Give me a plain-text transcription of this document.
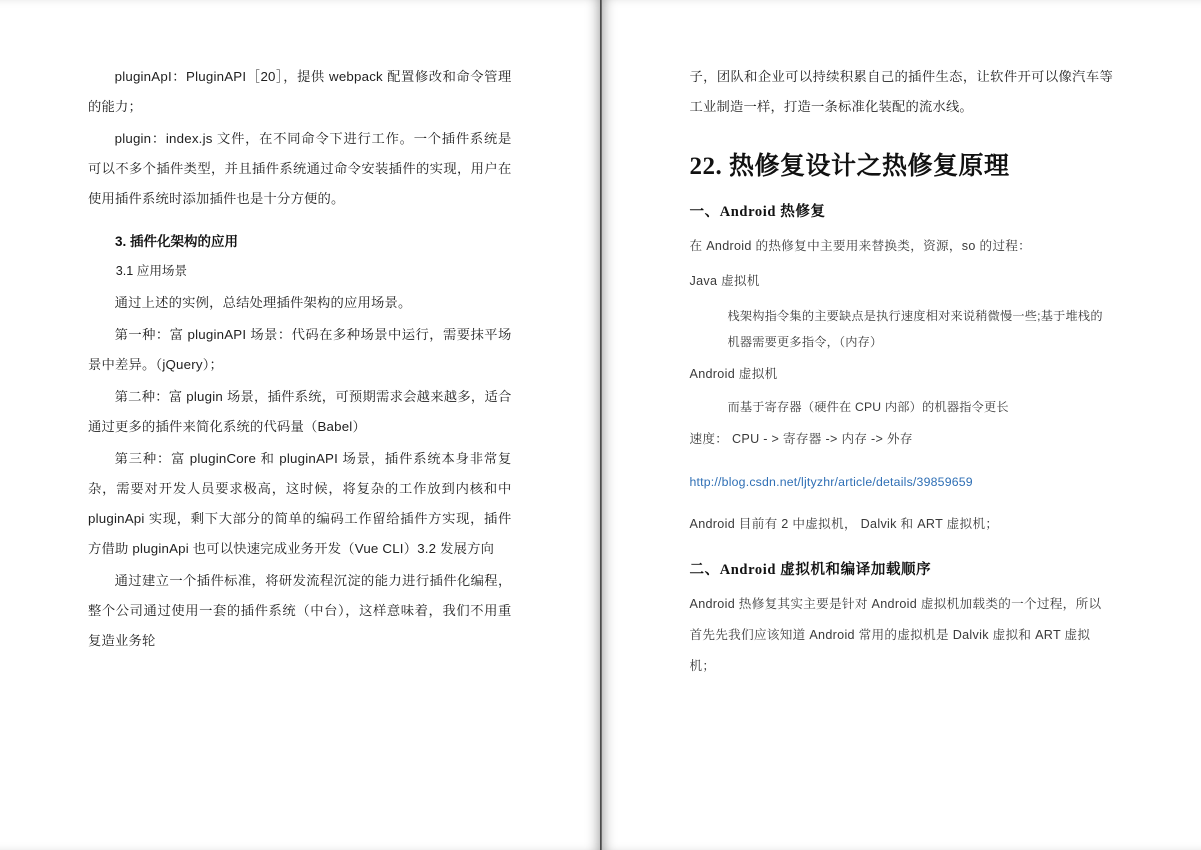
pluginApI：PluginAPI［20］，提供 webpack 配置修改和命令管理的能力；

plugin：index.js 文件，在不同命令下进行工作。一个插件系统是可以不多个插件类型，并且插件系统通过命令安装插件的实现，用户在使用插件系统时添加插件也是十分方便的。

3. 插件化架构的应用

3.1 应用场景

通过上述的实例，总结处理插件架构的应用场景。

第一种：富 pluginAPI 场景：代码在多种场景中运行，需要抹平场景中差异。（jQuery）；

第二种：富 plugin 场景，插件系统，可预期需求会越来越多，适合通过更多的插件来简化系统的代码量（Babel）

第三种：富 pluginCore 和 pluginAPI 场景，插件系统本身非常复杂，需要对开发人员要求极高，这时候，将复杂的工作放到内核和中 pluginApi 实现，剩下大部分的简单的编码工作留给插件方实现，插件方借助 pluginApi 也可以快速完成业务开发（Vue CLI）3.2 发展方向

通过建立一个插件标准，将研发流程沉淀的能力进行插件化编程，整个公司通过使用一套的插件系统（中台），这样意味着，我们不用重复造业务轮

子，团队和企业可以持续积累自己的插件生态，让软件开可以像汽车等工业制造一样，打造一条标准化装配的流水线。

22. 热修复设计之热修复原理
一、Android 热修复

在 Android 的热修复中主要用来替换类，资源，so 的过程：

Java 虚拟机

栈架构指令集的主要缺点是执行速度相对来说稍微慢一些;基于堆栈的机器需要更多指令，（内存）

Android 虚拟机

而基于寄存器（硬件在 CPU 内部）的机器指令更长

速度： CPU - > 寄存器 -> 内存 -> 外存

http://blog.csdn.net/ljtyzhr/article/details/39859659

Android 目前有 2 中虚拟机， Dalvik 和 ART 虚拟机；

二、Android 虚拟机和编译加载顺序

Android 热修复其实主要是针对 Android 虚拟机加载类的一个过程，所以首先先我们应该知道 Android 常用的虚拟机是 Dalvik 虚拟和 ART 虚拟机；
